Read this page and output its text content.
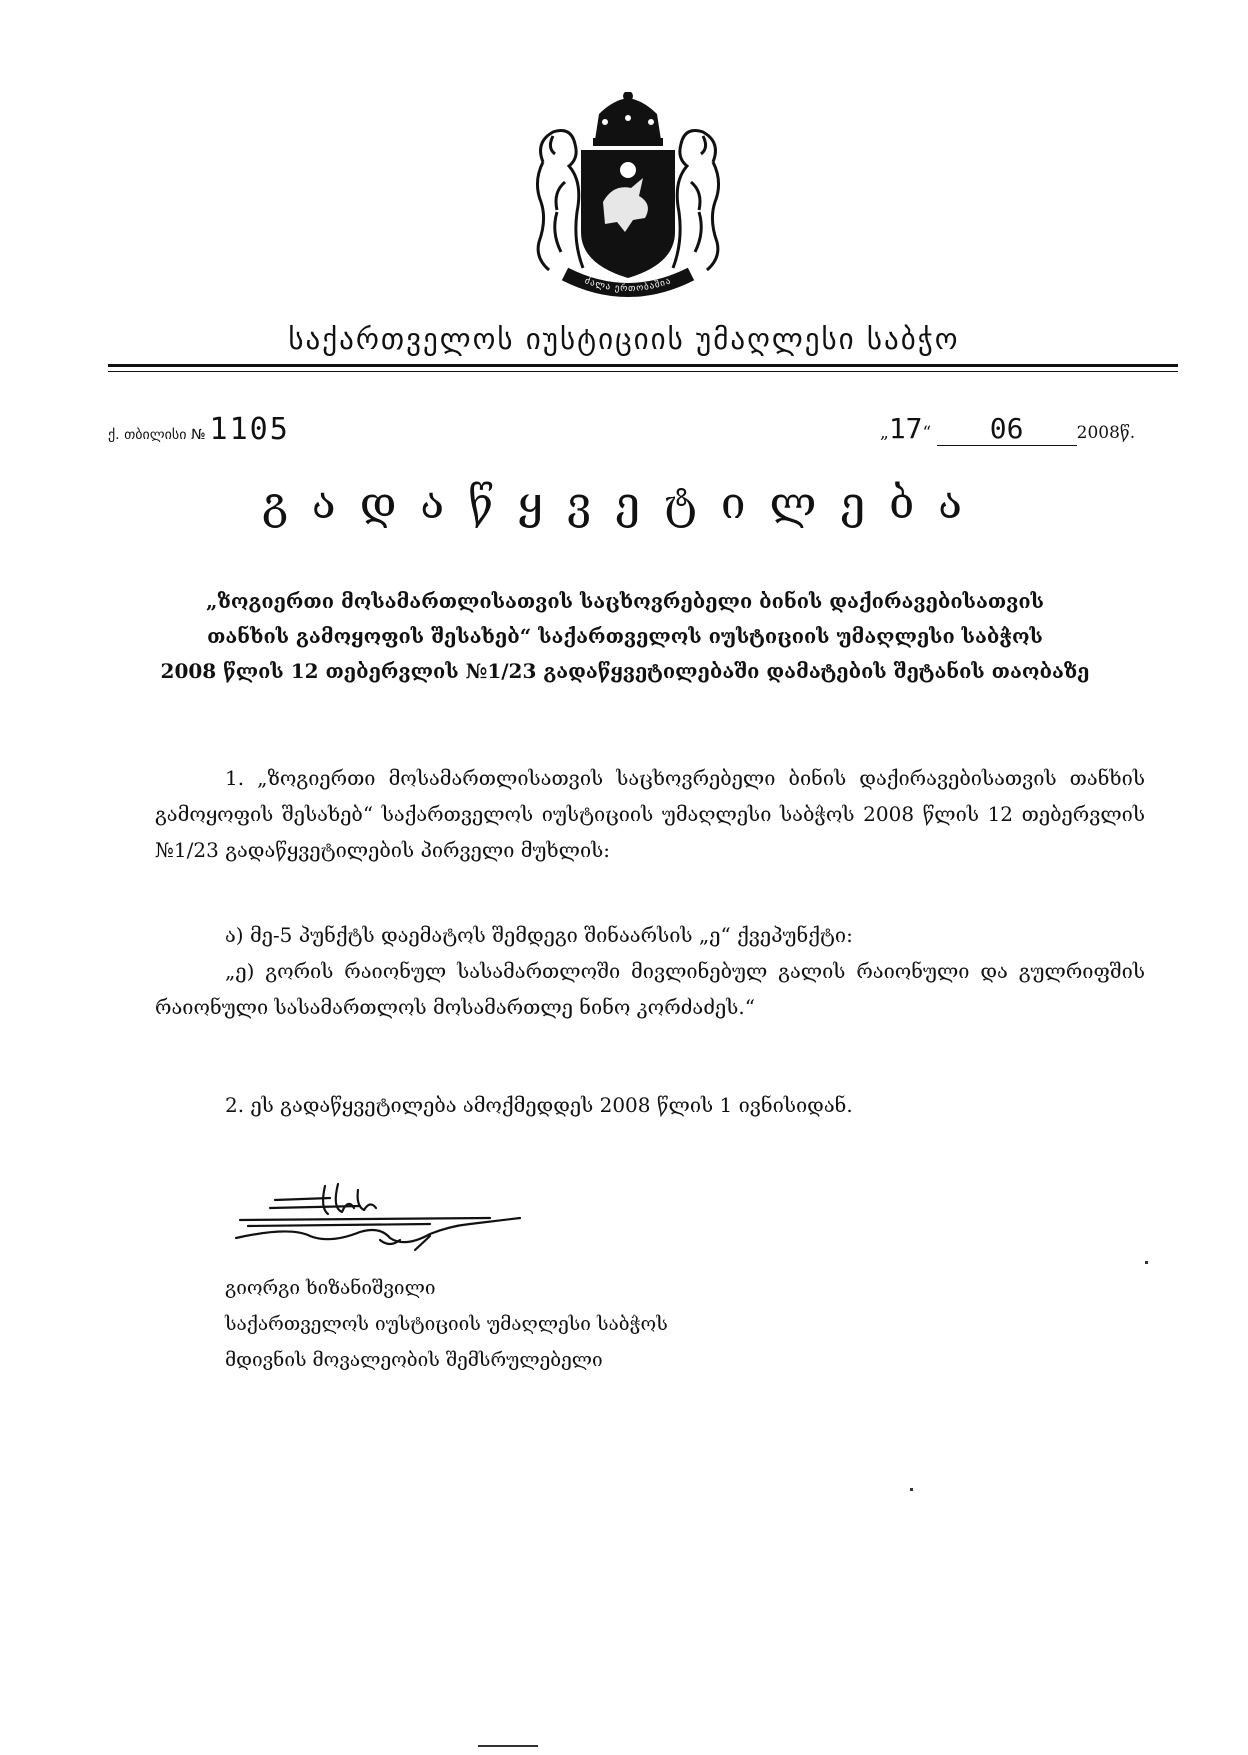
ძალა ერთობაშია
საქართველოს იუსტიციის უმაღლესი საბჭო
ქ. თბილისი № 1105	„17“ 06	2008წ.
გადაწყვეტილება
„ზოგიერთი მოსამართლისათვის საცხოვრებელი ბინის დაქირავებისათვის
თანხის გამოყოფის შესახებ“ საქართველოს იუსტიციის უმაღლესი საბჭოს
2008 წლის 12 თებერვლის №1/23 გადაწყვეტილებაში დამატების შეტანის თაობაზე
1. „ზოგიერთი მოსამართლისათვის საცხოვრებელი ბინის დაქირავებისათვის თანხის გამოყოფის შესახებ“ საქართველოს იუსტიციის უმაღლესი საბჭოს 2008 წლის 12 თებერვლის №1/23 გადაწყვეტილების პირველი მუხლის:
ა) მე-5 პუნქტს დაემატოს შემდეგი შინაარსის „ე“ ქვეპუნქტი:
„ე) გორის რაიონულ სასამართლოში მივლინებულ გალის რაიონული და გულრიფშის რაიონული სასამართლოს მოსამართლე ნინო კორძაძეს.“
2. ეს გადაწყვეტილება ამოქმედდეს 2008 წლის 1 ივნისიდან.
გიორგი ხიზანიშვილი
საქართველოს იუსტიციის უმაღლესი საბჭოს
მდივნის მოვალეობის შემსრულებელი
